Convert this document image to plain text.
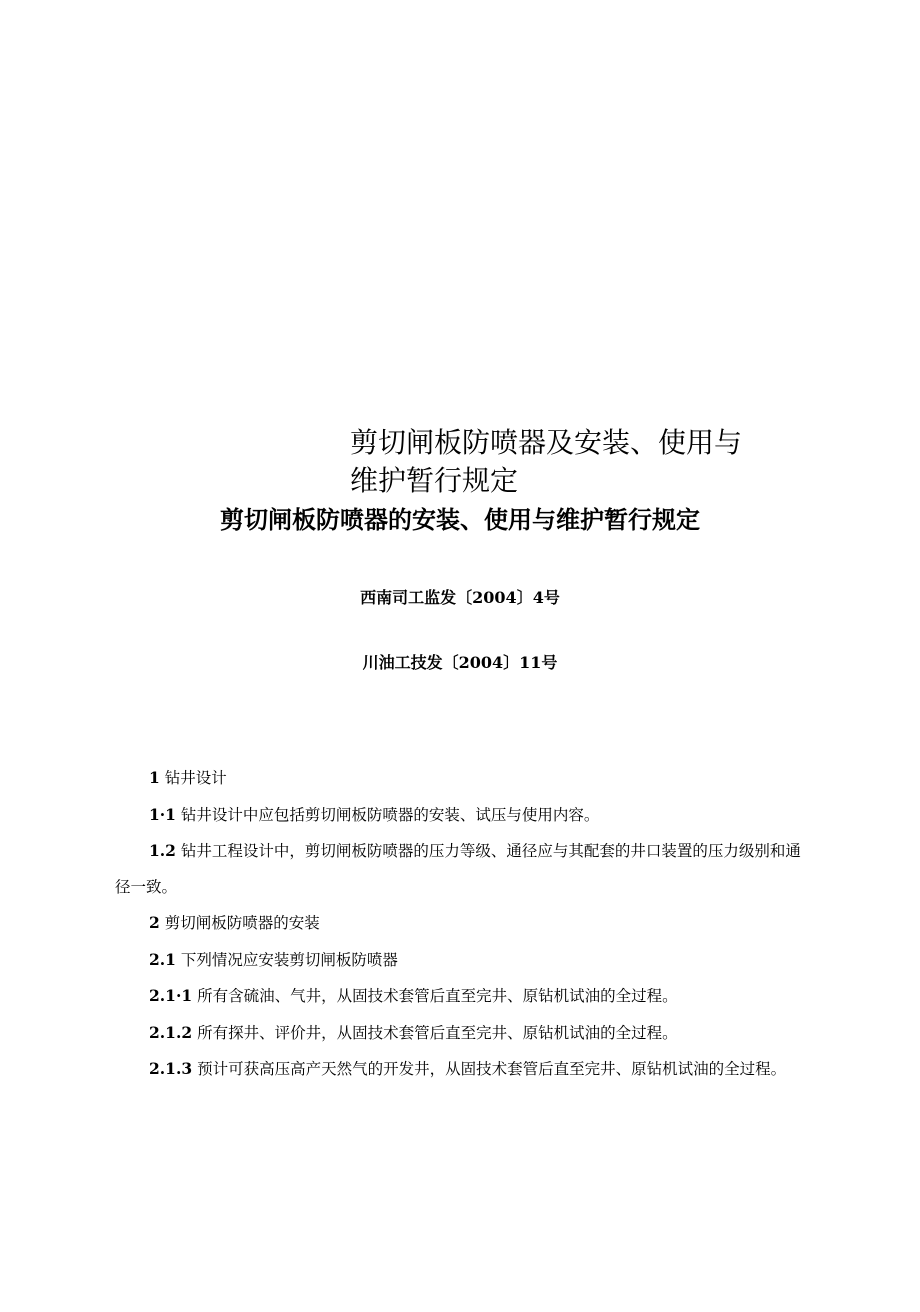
剪切闸板防喷器及安装、使用与
维护暂行规定
剪切闸板防喷器的安装、使用与维护暂行规定
西南司工监发〔2004〕4号
川油工技发〔2004〕11号

1 钻井设计

1·1 钻井设计中应包括剪切闸板防喷器的安装、试压与使用内容。

1.2 钻井工程设计中，剪切闸板防喷器的压力等级、通径应与其配套的井口装置的压力级别和通径一致。

2 剪切闸板防喷器的安装

2.1 下列情况应安装剪切闸板防喷器

2.1·1 所有含硫油、气井，从固技术套管后直至完井、原钻机试油的全过程。

2.1.2 所有探井、评价井，从固技术套管后直至完井、原钻机试油的全过程。

2.1.3 预计可获高压高产天然气的开发井，从固技术套管后直至完井、原钻机试油的全过程。
